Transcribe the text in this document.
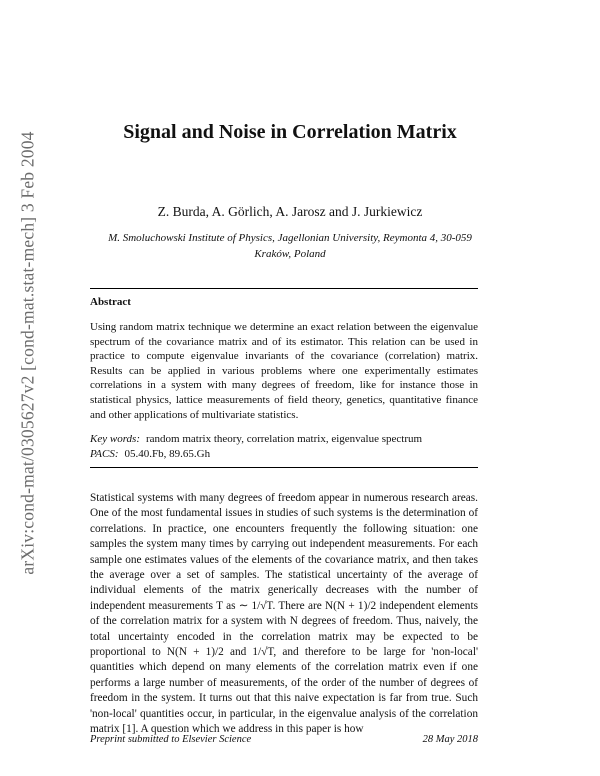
arXiv:cond-mat/0305627v2 [cond-mat.stat-mech] 3 Feb 2004	Signal and Noise in Correlation Matrix
Z. Burda, A. Görlich, A. Jarosz and J. Jurkiewicz
M. Smoluchowski Institute of Physics, Jagellonian University, Reymonta 4, 30-059 Kraków, Poland
Abstract
Using random matrix technique we determine an exact relation between the eigenvalue spectrum of the covariance matrix and of its estimator. This relation can be used in practice to compute eigenvalue invariants of the covariance (correlation) matrix. Results can be applied in various problems where one experimentally estimates correlations in a system with many degrees of freedom, like for instance those in statistical physics, lattice measurements of field theory, genetics, quantitative finance and other applications of multivariate statistics.
Key words: random matrix theory, correlation matrix, eigenvalue spectrum
PACS: 05.40.Fb, 89.65.Gh
Statistical systems with many degrees of freedom appear in numerous research areas. One of the most fundamental issues in studies of such systems is the determination of correlations. In practice, one encounters frequently the following situation: one samples the system many times by carrying out independent measurements. For each sample one estimates values of the elements of the covariance matrix, and then takes the average over a set of samples. The statistical uncertainty of the average of individual elements of the matrix generically decreases with the number of independent measurements T as ∼ 1/√T. There are N(N + 1)/2 independent elements of the correlation matrix for a system with N degrees of freedom. Thus, naively, the total uncertainty encoded in the correlation matrix may be expected to be proportional to N(N + 1)/2 and 1/√T, and therefore to be large for 'non-local' quantities which depend on many elements of the correlation matrix even if one performs a large number of measurements, of the order of the number of degrees of freedom in the system. It turns out that this naive expectation is far from true. Such 'non-local' quantities occur, in particular, in the eigenvalue analysis of the correlation matrix [1]. A question which we address in this paper is how
Preprint submitted to Elsevier Science	28 May 2018
